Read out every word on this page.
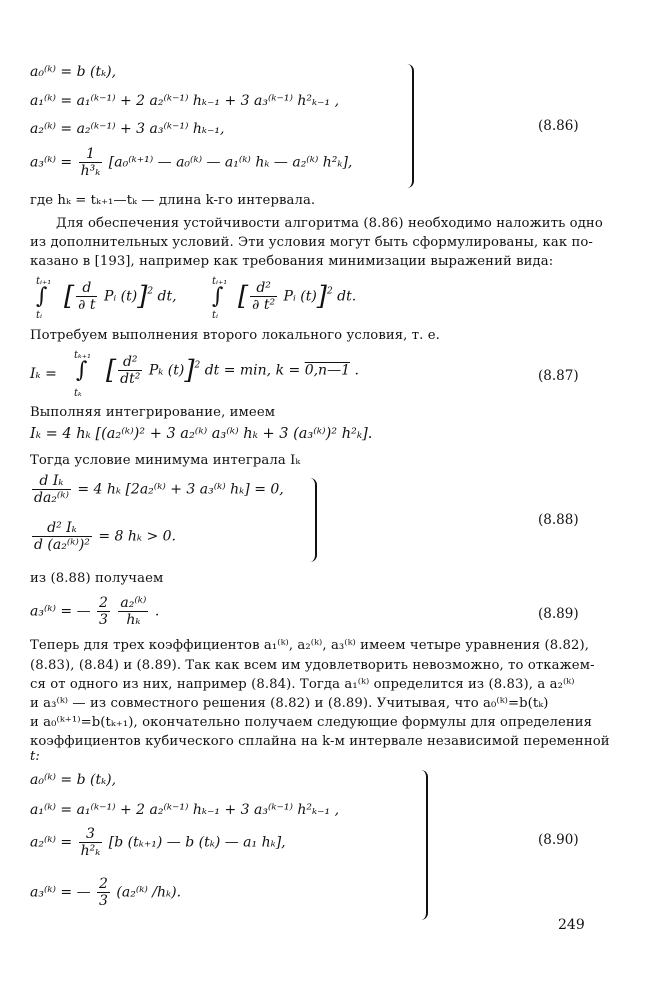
a₀⁽ᵏ⁾ = b (tₖ),
a₁⁽ᵏ⁾ = a₁⁽ᵏ⁻¹⁾ + 2 a₂⁽ᵏ⁻¹⁾ hₖ₋₁ + 3 a₃⁽ᵏ⁻¹⁾ h²ₖ₋₁ ,
a₂⁽ᵏ⁾ = a₂⁽ᵏ⁻¹⁾ + 3 a₃⁽ᵏ⁻¹⁾ hₖ₋₁,
a₃⁽ᵏ⁾ = $\frac{1}{\text{h³ₖ}}$ [a₀⁽ᵏ⁺¹⁾ — a₀⁽ᵏ⁾ — a₁⁽ᵏ⁾ hₖ — a₂⁽ᵏ⁾ h²ₖ],
(8.86)
где hₖ = tₖ₊₁—tₖ — длина k-го интервала.
Для обеспечения устойчивости алгоритма (8.86) необходимо наложить одно
из дополнительных условий. Эти условия могут быть сформулированы, как по-
казано в [193], например как требования минимизации выражений вида:
tᵢ₊₁
∫
tᵢ
[ $\frac{d}{\partial t}$ Pᵢ (t)]$^2$ dt,
tᵢ₊₁
∫
tᵢ
[ $\frac{\text{d²}}{\text{∂ t²}}$ Pᵢ (t)]$^2$ dt.
Потребуем выполнения второго локального условия, т. е.
Iₖ =
tₖ₊₁
∫
tₖ
[ $\frac{\text{d²}}{\text{dt²}}$ Pₖ (t)]$^2$ dt = min, k = 0,n—1 .	(8.87)
Выполняя интегрирование, имеем
Iₖ = 4 hₖ [(a₂⁽ᵏ⁾)² + 3 a₂⁽ᵏ⁾ a₃⁽ᵏ⁾ hₖ + 3 (a₃⁽ᵏ⁾)² h²ₖ].
Тогда условие минимума интеграла Iₖ
$\frac{\text{d Iₖ}}{\text{da₂⁽ᵏ⁾}} = 4$ hₖ [2a₂⁽ᵏ⁾ + 3 a₃⁽ᵏ⁾ hₖ] = 0,
$\frac{\text{d² Iₖ}}{\text{d (a₂⁽ᵏ⁾)²}} = 8$ hₖ > 0.
(8.88)
из (8.88) получаем
a₃⁽ᵏ⁾ = — $\frac{2}{3}$
$\frac{\text{a₂⁽ᵏ⁾}}{\text{hₖ}}$ .	(8.89)
Теперь для трех коэффициентов a₁⁽ᵏ⁾, a₂⁽ᵏ⁾, a₃⁽ᵏ⁾ имеем четыре уравнения (8.82),
(8.83), (8.84) и (8.89). Так как всем им удовлетворить невозможно, то откажем-
ся от одного из них, например (8.84). Тогда a₁⁽ᵏ⁾ определится из (8.83), а a₂⁽ᵏ⁾
и a₃⁽ᵏ⁾ — из совместного решения (8.82) и (8.89). Учитывая, что a₀⁽ᵏ⁾=b(tₖ)
и a₀⁽ᵏ⁺¹⁾=b(tₖ₊₁), окончательно получаем следующие формулы для определения
коэффициентов кубического сплайна на k-м интервале независимой переменной
t:
a₀⁽ᵏ⁾ = b (tₖ),
a₁⁽ᵏ⁾ = a₁⁽ᵏ⁻¹⁾ + 2 a₂⁽ᵏ⁻¹⁾ hₖ₋₁ + 3 a₃⁽ᵏ⁻¹⁾ h²ₖ₋₁ ,
a₂⁽ᵏ⁾ = $\frac{3}{\text{h²ₖ}} [b$ (tₖ₊₁) — b (tₖ) — a₁ hₖ],
a₃⁽ᵏ⁾ = — $\frac{2}{3}$ (a₂⁽ᵏ⁾ /hₖ).
(8.90)
249
